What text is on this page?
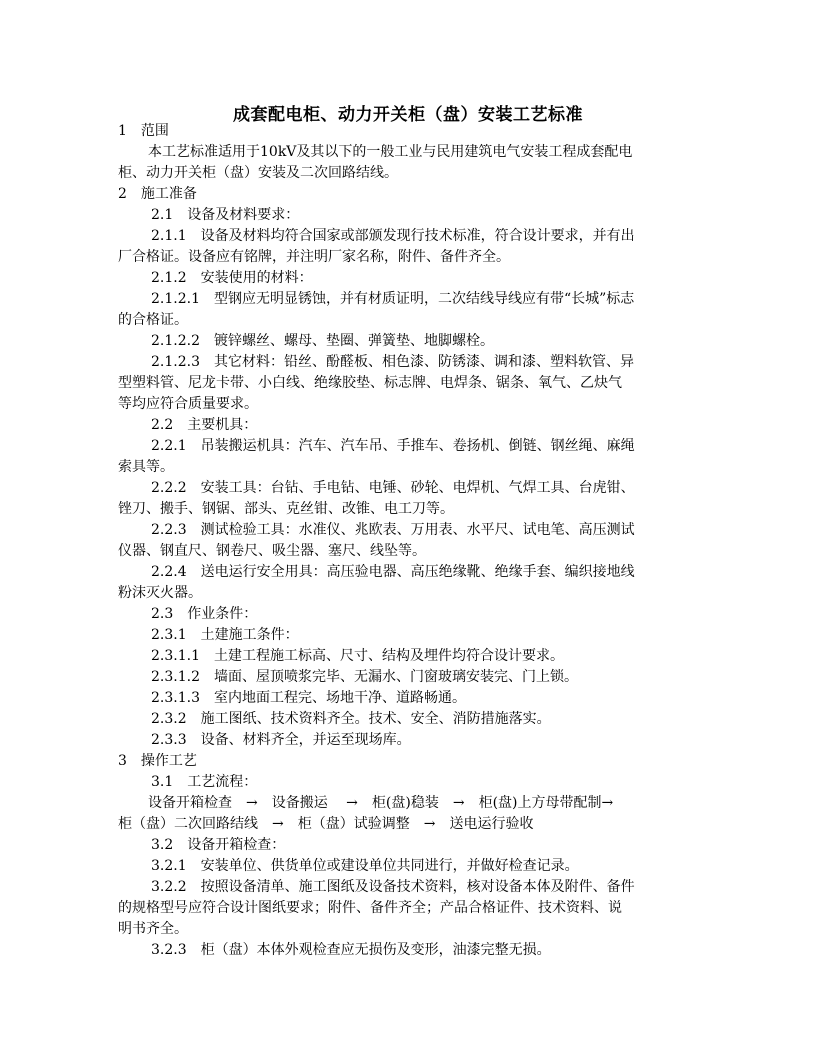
成套配电柜、动力开关柜（盘）安装工艺标准
1　范围
本工艺标准适用于10kV及其以下的一般工业与民用建筑电气安装工程成套配电
柜、动力开关柜（盘）安装及二次回路结线。
2　施工准备
2.1　设备及材料要求：
2.1.1　设备及材料均符合国家或部颁发现行技术标准，符合设计要求，并有出
厂合格证。设备应有铭牌，并注明厂家名称，附件、备件齐全。
2.1.2　安装使用的材料：
2.1.2.1　型钢应无明显锈蚀，并有材质证明，二次结线导线应有带“长城”标志
的合格证。
2.1.2.2　镀锌螺丝、螺母、垫圈、弹簧垫、地脚螺栓。
2.1.2.3　其它材料：铅丝、酚醛板、相色漆、防锈漆、调和漆、塑料软管、异
型塑料管、尼龙卡带、小白线、绝缘胶垫、标志牌、电焊条、锯条、氧气、乙炔气
等均应符合质量要求。
2.2　主要机具：
2.2.1　吊装搬运机具：汽车、汽车吊、手推车、卷扬机、倒链、钢丝绳、麻绳
索具等。
2.2.2　安装工具：台钻、手电钻、电锤、砂轮、电焊机、气焊工具、台虎钳、
锉刀、搬手、钢锯、部头、克丝钳、改锥、电工刀等。
2.2.3　测试检验工具：水准仪、兆欧表、万用表、水平尺、试电笔、高压测试
仪器、钢直尺、钢卷尺、吸尘器、塞尺、线坠等。
2.2.4　送电运行安全用具：高压验电器、高压绝缘靴、绝缘手套、编织接地线
粉沫灭火器。
2.3　作业条件：
2.3.1　土建施工条件：
2.3.1.1　土建工程施工标高、尺寸、结构及埋件均符合设计要求。
2.3.1.2　墙面、屋顶喷浆完毕、无漏水、门窗玻璃安装完、门上锁。
2.3.1.3　室内地面工程完、场地干净、道路畅通。
2.3.2　施工图纸、技术资料齐全。技术、安全、消防措施落实。
2.3.3　设备、材料齐全，并运至现场库。
3　操作工艺
3.1　工艺流程：
设备开箱检查　→　设备搬运　 →　柜(盘)稳装　→　柜(盘)上方母带配制→
柜（盘）二次回路结线　→　柜（盘）试验调整　→　送电运行验收
3.2　设备开箱检查：
3.2.1　安装单位、供货单位或建设单位共同进行，并做好检查记录。
3.2.2　按照设备清单、施工图纸及设备技术资料，核对设备本体及附件、备件
的规格型号应符合设计图纸要求；附件、备件齐全；产品合格证件、技术资料、说
明书齐全。
3.2.3　柜（盘）本体外观检查应无损伤及变形，油漆完整无损。
